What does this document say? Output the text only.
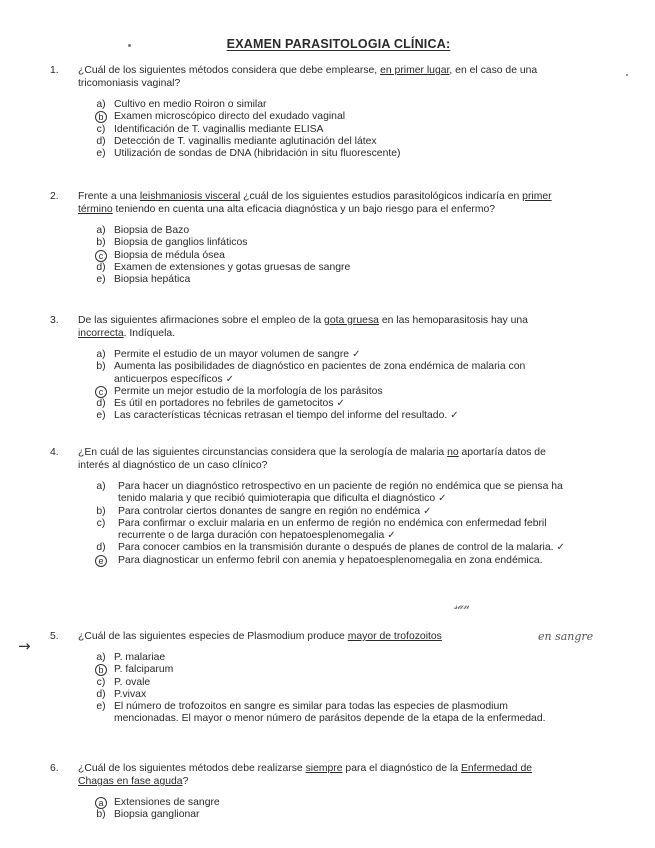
EXAMEN PARASITOLOGIA CLÍNICA:
1. ¿Cuál de los siguientes métodos considera que debe emplearse, en primer lugar, en el caso de una tricomoniasis vaginal?

a) Cultivo en medio Roiron o similar
b	Examen microscópico directo del exudado vaginal
c) Identificación de T. vaginallis mediante ELISA
d) Detección de T. vaginallis mediante aglutinación del látex
e) Utilización de sondas de DNA (hibridación in situ fluorescente)
2. Frente a una leishmaniosis visceral ¿cuál de los siguientes estudios parasitológicos indicaría en primer término teniendo en cuenta una alta eficacia diagnóstica y un bajo riesgo para el enfermo?

a) Biopsia de Bazo
b) Biopsia de ganglios linfáticos
c	Biopsia de médula ósea
d) Examen de extensiones y gotas gruesas de sangre
e) Biopsia hepática
3. De las siguientes afirmaciones sobre el empleo de la gota gruesa en las hemoparasitosis hay una incorrecta. Indíquela.

a) Permite el estudio de un mayor volumen de sangre ✓
b) Aumenta las posibilidades de diagnóstico en pacientes de zona endémica de malaria con anticuerpos específicos ✓
c	Permite un mejor estudio de la morfología de los parásitos
d) Es útil en portadores no febriles de gametocitos ✓
e) Las características técnicas retrasan el tiempo del informe del resultado. ✓
4. ¿En cuál de las siguientes circunstancias considera que la serología de malaria no aportaría datos de interés al diagnóstico de un caso clínico?

a) Para hacer un diagnóstico retrospectivo en un paciente de región no endémica que se piensa ha tenido malaria y que recibió quimioterapia que dificulta el diagnóstico ✓
b) Para controlar ciertos donantes de sangre en región no endémica ✓
c) Para confirmar o excluir malaria en un enfermo de región no endémica con enfermedad febril recurrente o de larga duración con hepatoesplenomegalia ✓
d) Para conocer cambios en la transmisión durante o después de planes de control de la malaria. ✓
e	Para diagnosticar un enfermo febril con anemia y hepatoesplenomegalia en zona endémica.
𝓈𝒶𝓃
→
5. ¿Cuál de las siguientes especies de Plasmodium produce mayor de trofozoitos

a) P. malariae
b	P. falciparum
c) P. ovale
d) P.vivax
e) El número de trofozoitos en sangre es similar para todas las especies de plasmodium mencionadas. El mayor o menor número de parásitos depende de la etapa de la enfermedad.
en sangre
6. ¿Cuál de los siguientes métodos debe realizarse siempre para el diagnóstico de la Enfermedad de Chagas en fase aguda?

a	Extensiones de sangre
b) Biopsia ganglionar
